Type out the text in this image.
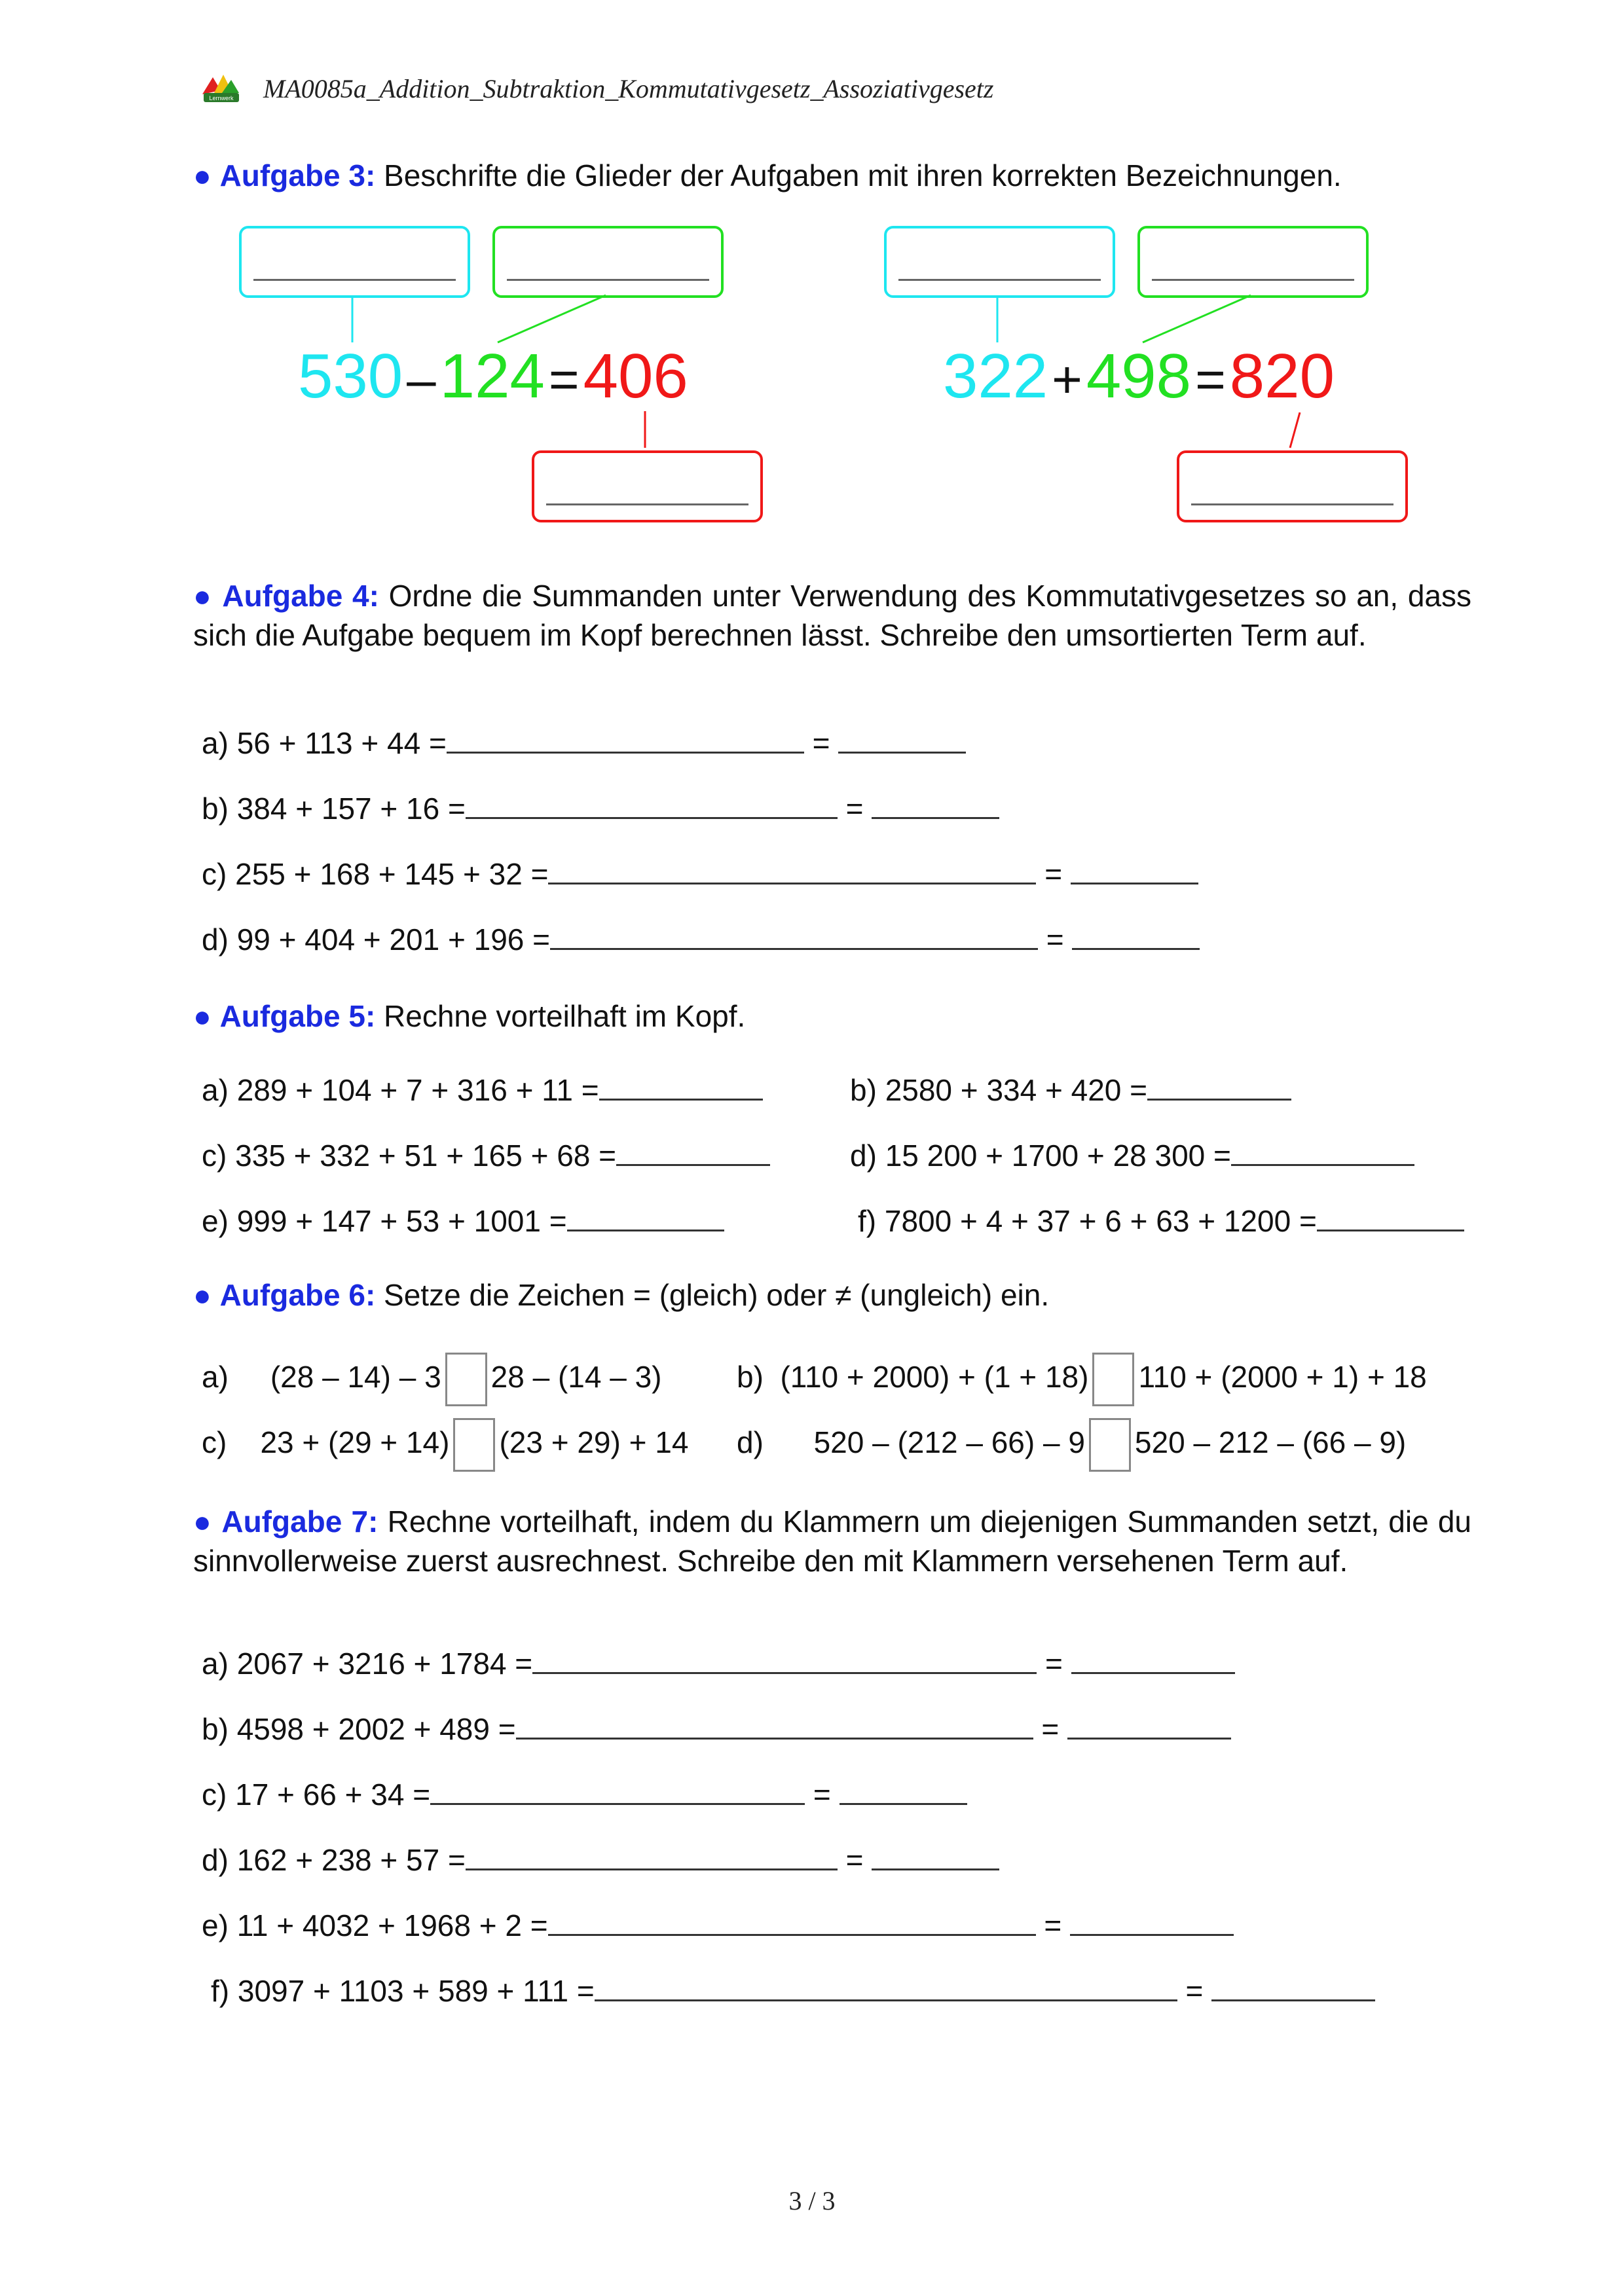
Lernwerk MA0085a_Addition_Subtraktion_Kommutativgesetz_Assoziativgesetz
● Aufgabe 3: Beschrifte die Glieder der Aufgaben mit ihren korrekten Bezeichnungen.
530–124=406	322+498=820
● Aufgabe 4: Ordne die Summanden unter Verwendung des Kommutativgesetzes so an, dass sich die Aufgabe bequem im Kopf berechnen lässt. Schreibe den umsortierten Term auf.
a) 56 + 113 + 44 =	=
b) 384 + 157 + 16 =	=
c) 255 + 168 + 145 + 32 =	=
d) 99 + 404 + 201 + 196 =	=
● Aufgabe 5: Rechne vorteilhaft im Kopf.
a) 289 + 104 + 7 + 316 + 11 =	b) 2580 + 334 + 420 =
c) 335 + 332 + 51 + 165 + 68 =	d) 15 200 + 1700 + 28 300 =
e) 999 + 147 + 53 + 1001 =	f) 7800 + 4 + 37 + 6 + 63 + 1200 =
● Aufgabe 6: Setze die Zeichen = (gleich) oder ≠ (ungleich) ein.
a) (28 – 14) – 3 28 – (14 – 3) b) (110 + 2000) + (1 + 18) 110 + (2000 + 1) + 18
c) 23 + (29 + 14) (23 + 29) + 14 d) 520 – (212 – 66) – 9 520 – 212 – (66 – 9)
● Aufgabe 7: Rechne vorteilhaft, indem du Klammern um diejenigen Summanden setzt, die du sinnvollerweise zuerst ausrechnest. Schreibe den mit Klammern versehenen Term auf.
a) 2067 + 3216 + 1784 =	=
b) 4598 + 2002 + 489 =	=
c) 17 + 66 + 34 =	=
d) 162 + 238 + 57 =	=
e) 11 + 4032 + 1968 + 2 =	=
f) 3097 + 1103 + 589 + 111 =	=
3 / 3
